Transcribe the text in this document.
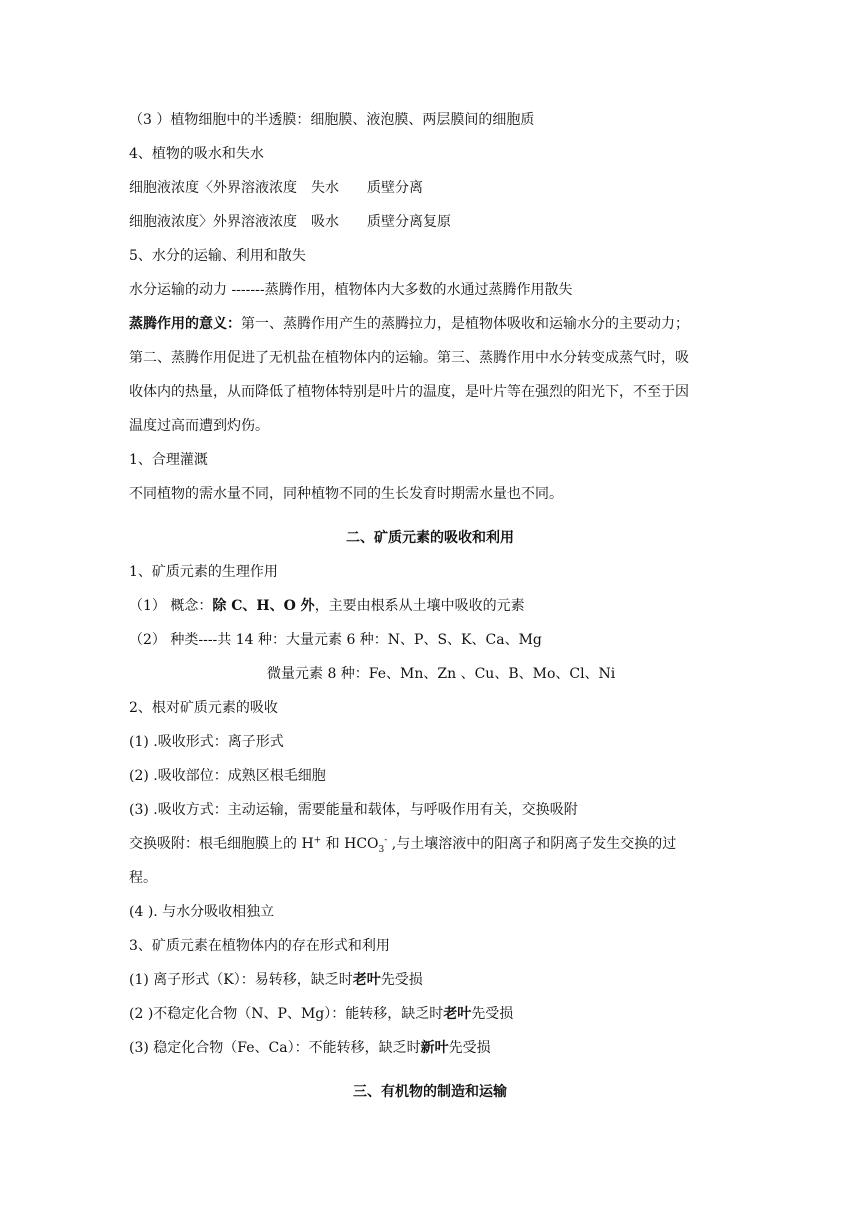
（3 ）植物细胞中的半透膜：细胞膜、液泡膜、两层膜间的细胞质
4、植物的吸水和失水
细胞液浓度〈外界溶液浓度　失水　　质壁分离
细胞液浓度〉外界溶液浓度　吸水　　质壁分离复原
5、水分的运输、利用和散失
水分运输的动力 -------蒸腾作用，植物体内大多数的水通过蒸腾作用散失
蒸腾作用的意义：第一、蒸腾作用产生的蒸腾拉力，是植物体吸收和运输水分的主要动力；
第二、蒸腾作用促进了无机盐在植物体内的运输。第三、蒸腾作用中水分转变成蒸气时，吸
收体内的热量，从而降低了植物体特别是叶片的温度，是叶片等在强烈的阳光下，不至于因
温度过高而遭到灼伤。
1、合理灌溉
不同植物的需水量不同，同种植物不同的生长发育时期需水量也不同。
二、矿质元素的吸收和利用
1、矿质元素的生理作用
（1） 概念：除 C、H、O 外，主要由根系从土壤中吸收的元素
（2） 种类----共 14 种：大量元素 6 种：N、P、S、K、Ca、Mg
微量元素 8 种：Fe、Mn、Zn 、Cu、B、Mo、Cl、Ni
2、根对矿质元素的吸收
(1) .吸收形式：离子形式
(2) .吸收部位：成熟区根毛细胞
(3) .吸收方式：主动运输，需要能量和载体，与呼吸作用有关，交换吸附
交换吸附：根毛细胞膜上的 H+ 和 $HCO_3^-$ ,与土壤溶液中的阳离子和阴离子发生交换的过
程。
(4 ). 与水分吸收相独立
3、矿质元素在植物体内的存在形式和利用
(1) 离子形式（K）：易转移，缺乏时老叶先受损
(2 )不稳定化合物（N、P、Mg）：能转移，缺乏时老叶先受损
(3) 稳定化合物（Fe、Ca）：不能转移，缺乏时新叶先受损
三、有机物的制造和运输
